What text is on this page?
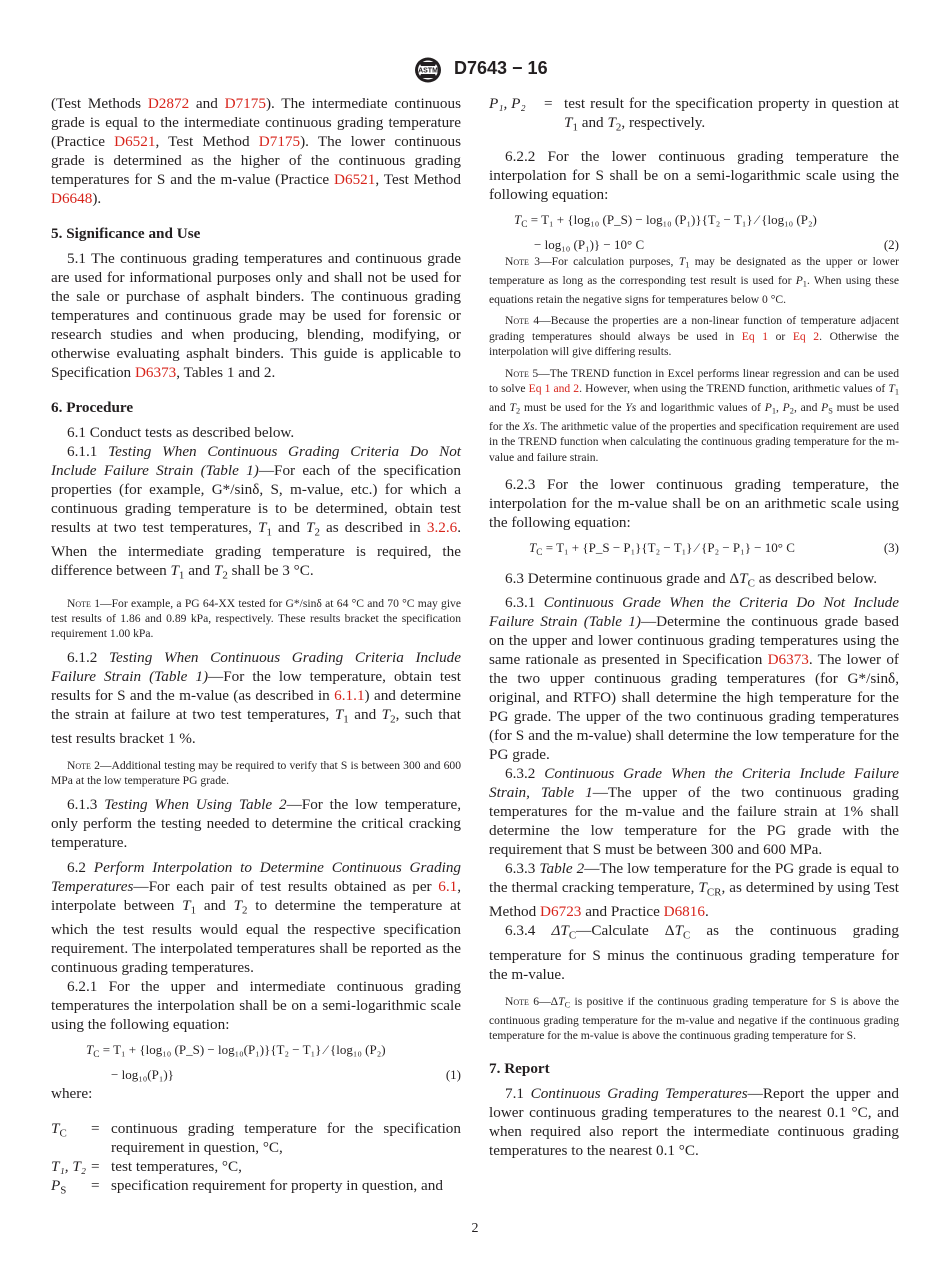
ASTM D7643 − 16

(Test Methods D2872 and D7175). The intermediate continuous grade is equal to the intermediate continuous grading temperature (Practice D6521, Test Method D7175). The lower continuous grade is determined as the higher of the continuous grading temperatures for S and the m-value (Practice D6521, Test Method D6648).

5. Significance and Use

5.1 The continuous grading temperatures and continuous grade are used for informational purposes only and shall not be used for the sale or purchase of asphalt binders. The continuous grading temperatures and continuous grade may be used for forensic or research studies and when producing, blending, modifying, or otherwise evaluating asphalt binders. This guide is applicable to Specification D6373, Tables 1 and 2.

6. Procedure

6.1 Conduct tests as described below.

6.1.1 Testing When Continuous Grading Criteria Do Not Include Failure Strain (Table 1)—For each of the specification properties (for example, G*/sinδ, S, m-value, etc.) for which a continuous grading temperature is to be determined, obtain test results at two test temperatures, $T_1$ and $T_2$ as described in 3.2.6. When the intermediate grading temperature is required, the difference between $T_1$ and $T_2$ shall be 3 °C.

Note 1—For example, a PG 64-XX tested for G*/sinδ at 64 °C and 70 °C may give test results of 1.86 and 0.89 kPa, respectively. These results bracket the specification requirement 1.00 kPa.

6.1.2 Testing When Continuous Grading Criteria Include Failure Strain (Table 1)—For the low temperature, obtain test results for S and the m-value (as described in 6.1.1) and determine the strain at failure at two test temperatures, $T_1$ and $T_2$, such that test results bracket 1 %.

Note 2—Additional testing may be required to verify that S is between 300 and 600 MPa at the low temperature PG grade.

6.1.3 Testing When Using Table 2—For the low temperature, only perform the testing needed to determine the critical cracking temperature.

6.2 Perform Interpolation to Determine Continuous Grading Temperatures—For each pair of test results obtained as per 6.1, interpolate between $T_1$ and $T_2$ to determine the temperature at which the test results would equal the respective specification requirement. The interpolated temperatures shall be reported as the continuous grading temperatures.

6.2.1 For the upper and intermediate continuous grading temperatures the interpolation shall be on a semi-logarithmic scale using the following equation:

$T_C = T_1 + \{\log_{10}$ (P_S) − log₁₀(P₁)}{T₂ − T₁} ⁄ {log₁₀ (P₂)
− log₁₀(P₁)}	(1)

where:

$T_C$	= continuous grading temperature for the specification requirement in question, °C,
T₁, T₂ = test temperatures, °C,
$P_S$	= specification requirement for property in question, and
P₁, P₂	= test result for the specification property in question at $T_1$ and $T_2$, respectively.

6.2.2 For the lower continuous grading temperature the interpolation for S shall be on a semi-logarithmic scale using the following equation:

$T_C = T_1 + \{\log_{10}$ (P_S) − log₁₀ (P₁)}{T₂ − T₁} ⁄ {log₁₀ (P₂)
− log₁₀ (P₁)} − 10° C	(2)

Note 3—For calculation purposes, $T_1$ may be designated as the upper or lower temperature as long as the corresponding test result is used for $P_1$. When using these equations retain the negative signs for temperatures below 0 °C.

Note 4—Because the properties are a non-linear function of temperature adjacent grading temperatures should always be used in Eq 1 or Eq 2. Otherwise the interpolation will give differing results.

Note 5—The TREND function in Excel performs linear regression and can be used to solve Eq 1 and 2. However, when using the TREND function, arithmetic values of $T_1$ and $T_2$ must be used for the Ys and logarithmic values of $P_1$, $P_2$, and $P_S$ must be used for the Xs. The arithmetic value of the properties and specification requirement are used in the TREND function when calculating the continuous grading temperature for the m-value and failure strain.

6.2.3 For the lower continuous grading temperature, the interpolation for the m-value shall be on an arithmetic scale using the following equation:

$T_C = T_1$ + {P_S − P₁}{T₂ − T₁} ⁄ {P₂ − P₁} − 10° C	(3)

6.3 Determine continuous grade and $\Delta T_C$ as described below.

6.3.1 Continuous Grade When the Criteria Do Not Include Failure Strain (Table 1)—Determine the continuous grade based on the upper and lower continuous grading temperatures using the same rationale as presented in Specification D6373. The lower of the two upper continuous grading temperatures (for G*/sinδ, original, and RTFO) shall determine the high temperature for the PG grade. The upper of the two continuous grading temperatures (for S and the m-value) shall determine the low temperature for the PG grade.

6.3.2 Continuous Grade When the Criteria Include Failure Strain, Table 1—The upper of the two continuous grading temperatures for the m-value and the failure strain at 1% shall determine the low temperature for the PG grade with the requirement that S must be between 300 and 600 MPa.

6.3.3 Table 2—The low temperature for the PG grade is equal to the thermal cracking temperature, $T_{CR}$, as determined by using Test Method D6723 and Practice D6816.

6.3.4 $\Delta T_C—Calculate$ $\Delta T_C$ as the continuous grading temperature for S minus the continuous grading temperature for the m-value.

Note $6—\Delta T_C$ is positive if the continuous grading temperature for S is above the continuous grading temperature for the m-value and negative if the continuous grading temperature for the m-value is above the continuous grading temperature for S.

7. Report

7.1 Continuous Grading Temperatures—Report the upper and lower continuous grading temperatures to the nearest 0.1 °C, and when required also report the intermediate continuous grading temperatures to the nearest 0.1 °C.

2
